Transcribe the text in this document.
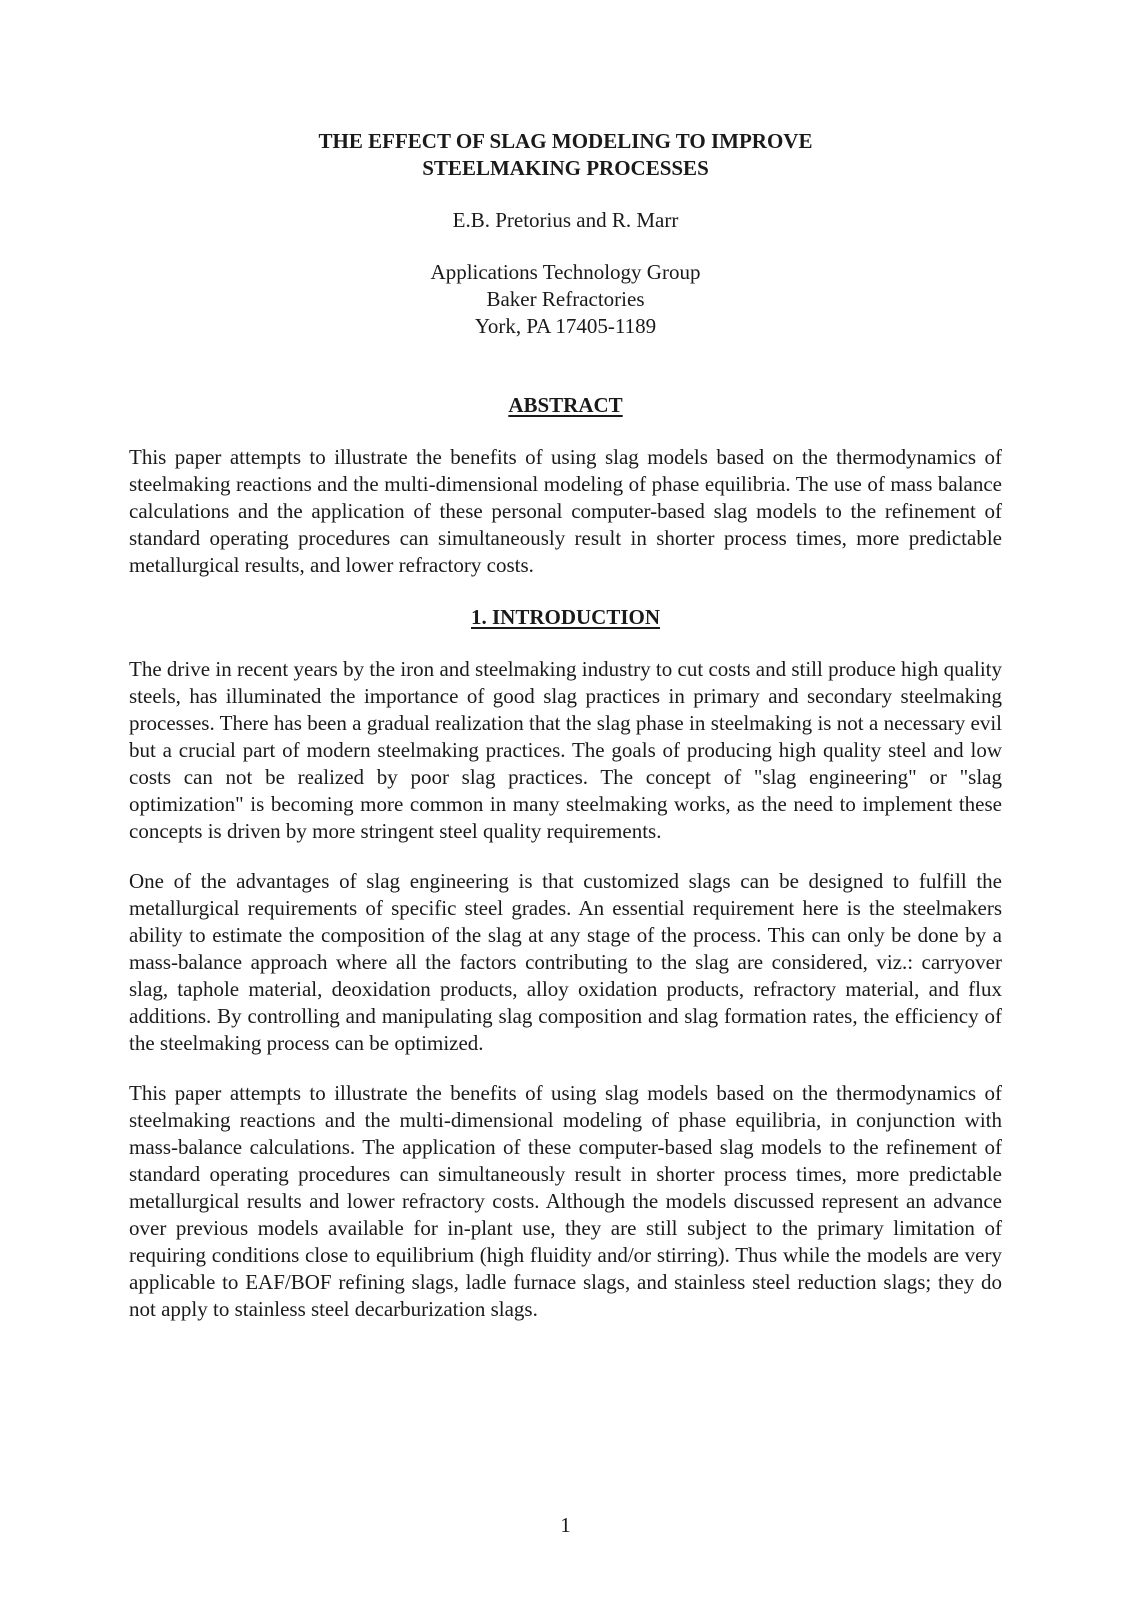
THE EFFECT OF SLAG MODELING TO IMPROVE
STEELMAKING PROCESSES

E.B. Pretorius and R. Marr

Applications Technology Group
Baker Refractories
York, PA 17405-1189

ABSTRACT

This paper attempts to illustrate the benefits of using slag models based on the thermodynamics of steelmaking reactions and the multi-dimensional modeling of phase equilibria. The use of mass balance calculations and the application of these personal computer-based slag models to the refinement of standard operating procedures can simultaneously result in shorter process times, more predictable metallurgical results, and lower refractory costs.

1. INTRODUCTION

The drive in recent years by the iron and steelmaking industry to cut costs and still produce high quality steels, has illuminated the importance of good slag practices in primary and secondary steelmaking processes. There has been a gradual realization that the slag phase in steelmaking is not a necessary evil but a crucial part of modern steelmaking practices. The goals of producing high quality steel and low costs can not be realized by poor slag practices. The concept of "slag engineering" or "slag optimization" is becoming more common in many steelmaking works, as the need to implement these concepts is driven by more stringent steel quality requirements.

One of the advantages of slag engineering is that customized slags can be designed to fulfill the metallurgical requirements of specific steel grades. An essential requirement here is the steelmakers ability to estimate the composition of the slag at any stage of the process. This can only be done by a mass-balance approach where all the factors contributing to the slag are considered, viz.: carryover slag, taphole material, deoxidation products, alloy oxidation products, refractory material, and flux additions. By controlling and manipulating slag composition and slag formation rates, the efficiency of the steelmaking process can be optimized.

This paper attempts to illustrate the benefits of using slag models based on the thermodynamics of steelmaking reactions and the multi-dimensional modeling of phase equilibria, in conjunction with mass-balance calculations. The application of these computer-based slag models to the refinement of standard operating procedures can simultaneously result in shorter process times, more predictable metallurgical results and lower refractory costs. Although the models discussed represent an advance over previous models available for in-plant use, they are still subject to the primary limitation of requiring conditions close to equilibrium (high fluidity and/or stirring). Thus while the models are very applicable to EAF/BOF refining slags, ladle furnace slags, and stainless steel reduction slags; they do not apply to stainless steel decarburization slags.

1
